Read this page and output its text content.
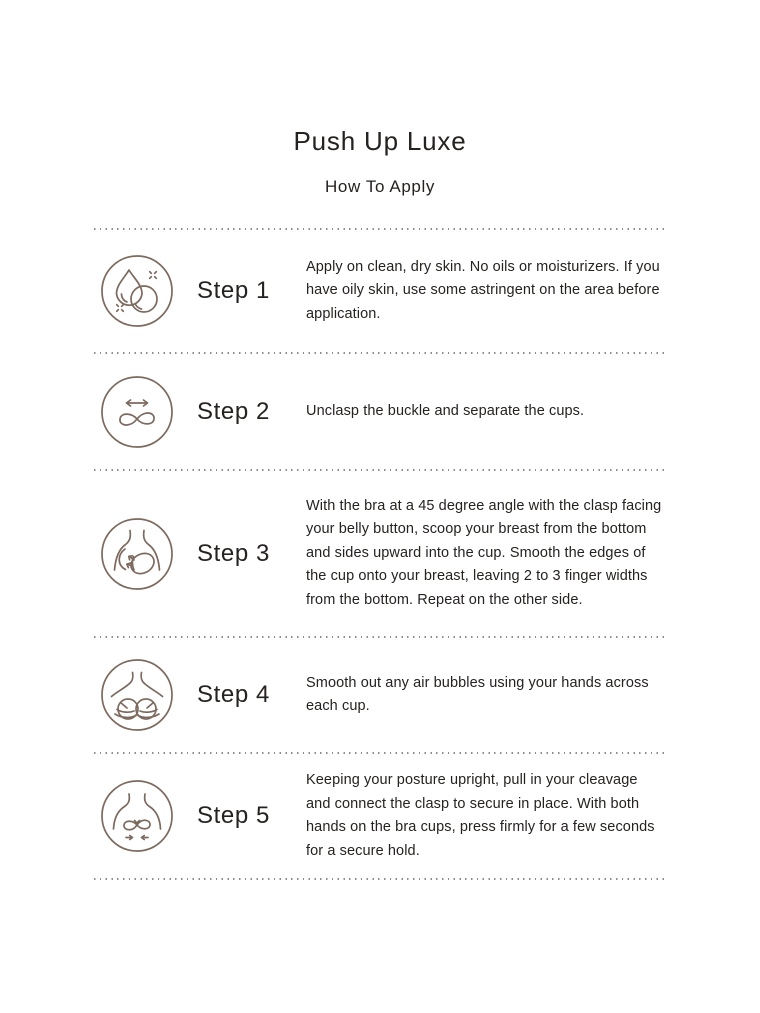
Push Up Luxe
How To Apply
Step 1
Apply on clean, dry skin. No oils or moisturizers. If you have oily skin, use some astringent on the area before application.
Step 2	Unclasp the buckle and separate the cups.
Step 3
With the bra at a 45 degree angle with the clasp facing your belly button, scoop your breast from the bottom and sides upward into the cup. Smooth the edges of the cup onto your breast, leaving 2 to 3 finger widths from the bottom. Repeat on the other side.
Step 4	Smooth out any air bubbles using your hands across each cup.
Step 5
Keeping your posture upright, pull in your cleavage and connect the clasp to secure in place. With both hands on the bra cups, press firmly for a few seconds for a secure hold.
